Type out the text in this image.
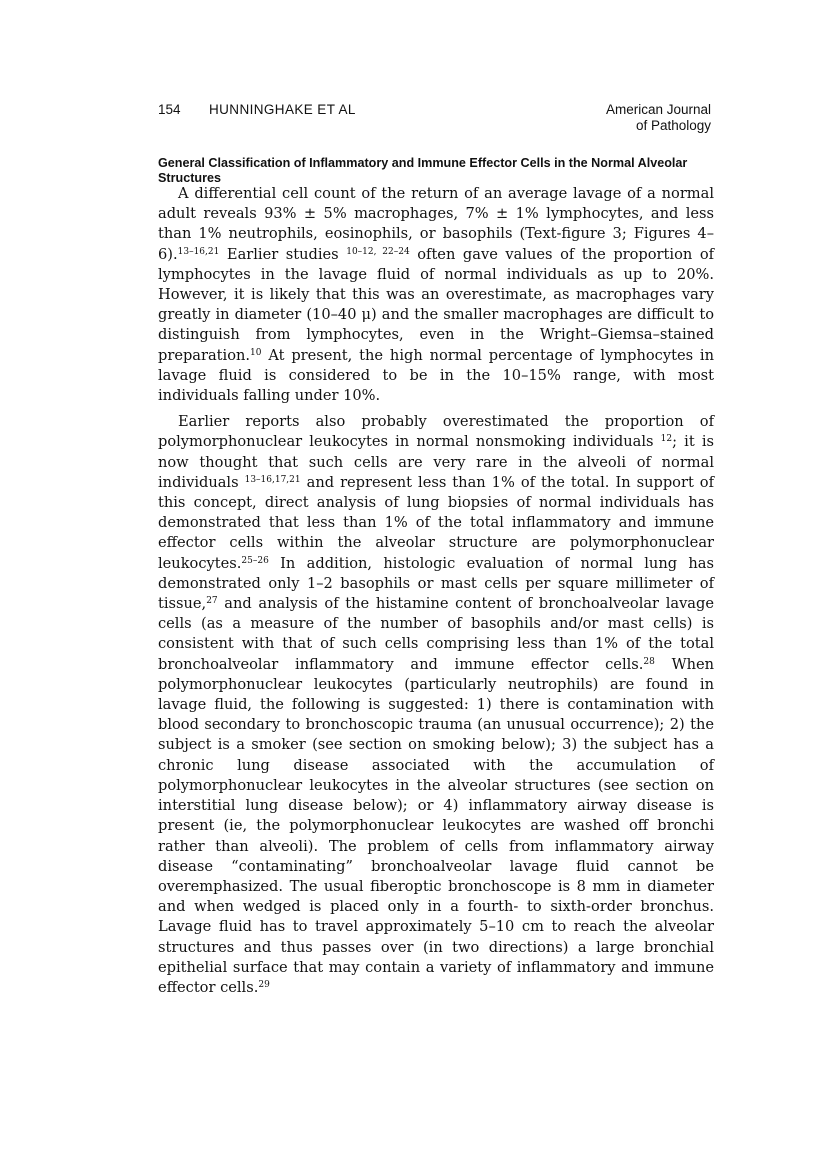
154 HUNNINGHAKE ET AL	American Journal
of Pathology
General Classification of Inflammatory and Immune Effector Cells in the Normal Alveolar Structures

A differential cell count of the return of an average lavage of a normal adult reveals 93% ± 5% macrophages, 7% ± 1% lymphocytes, and less than 1% neutrophils, eosinophils, or basophils (Text-figure 3; Figures 4–6).$^{13-16,21}$ Earlier studies $^{10-12, 22-24}$ often gave values of the proportion of lymphocytes in the lavage fluid of normal individuals as up to 20%. However, it is likely that this was an overestimate, as macrophages vary greatly in diameter (10–40 μ) and the smaller macrophages are difficult to distinguish from lymphocytes, even in the Wright–Giemsa–stained preparation.$^{10}$ At present, the high normal percentage of lymphocytes in lavage fluid is considered to be in the 10–15% range, with most individuals falling under 10%.

Earlier reports also probably overestimated the proportion of polymorphonuclear leukocytes in normal nonsmoking individuals $^{12}$; it is now thought that such cells are very rare in the alveoli of normal individuals $^{13-16,17,21}$ and represent less than 1% of the total. In support of this concept, direct analysis of lung biopsies of normal individuals has demonstrated that less than 1% of the total inflammatory and immune effector cells within the alveolar structure are polymorphonuclear leukocytes.$^{25-26}$ In addition, histologic evaluation of normal lung has demonstrated only 1–2 basophils or mast cells per square millimeter of tissue,$^{27}$ and analysis of the histamine content of bronchoalveolar lavage cells (as a measure of the number of basophils and/or mast cells) is consistent with that of such cells comprising less than 1% of the total bronchoalveolar inflammatory and immune effector cells.$^{28}$ When polymorphonuclear leukocytes (particularly neutrophils) are found in lavage fluid, the following is suggested: 1) there is contamination with blood secondary to bronchoscopic trauma (an unusual occurrence); 2) the subject is a smoker (see section on smoking below); 3) the subject has a chronic lung disease associated with the accumulation of polymorphonuclear leukocytes in the alveolar structures (see section on interstitial lung disease below); or 4) inflammatory airway disease is present (ie, the polymorphonuclear leukocytes are washed off bronchi rather than alveoli). The problem of cells from inflammatory airway disease “contaminating” bronchoalveolar lavage fluid cannot be overemphasized. The usual fiberoptic bronchoscope is 8 mm in diameter and when wedged is placed only in a fourth- to sixth-order bronchus. Lavage fluid has to travel approximately 5–10 cm to reach the alveolar structures and thus passes over (in two directions) a large bronchial epithelial surface that may contain a variety of inflammatory and immune effector cells.$^{29}$
